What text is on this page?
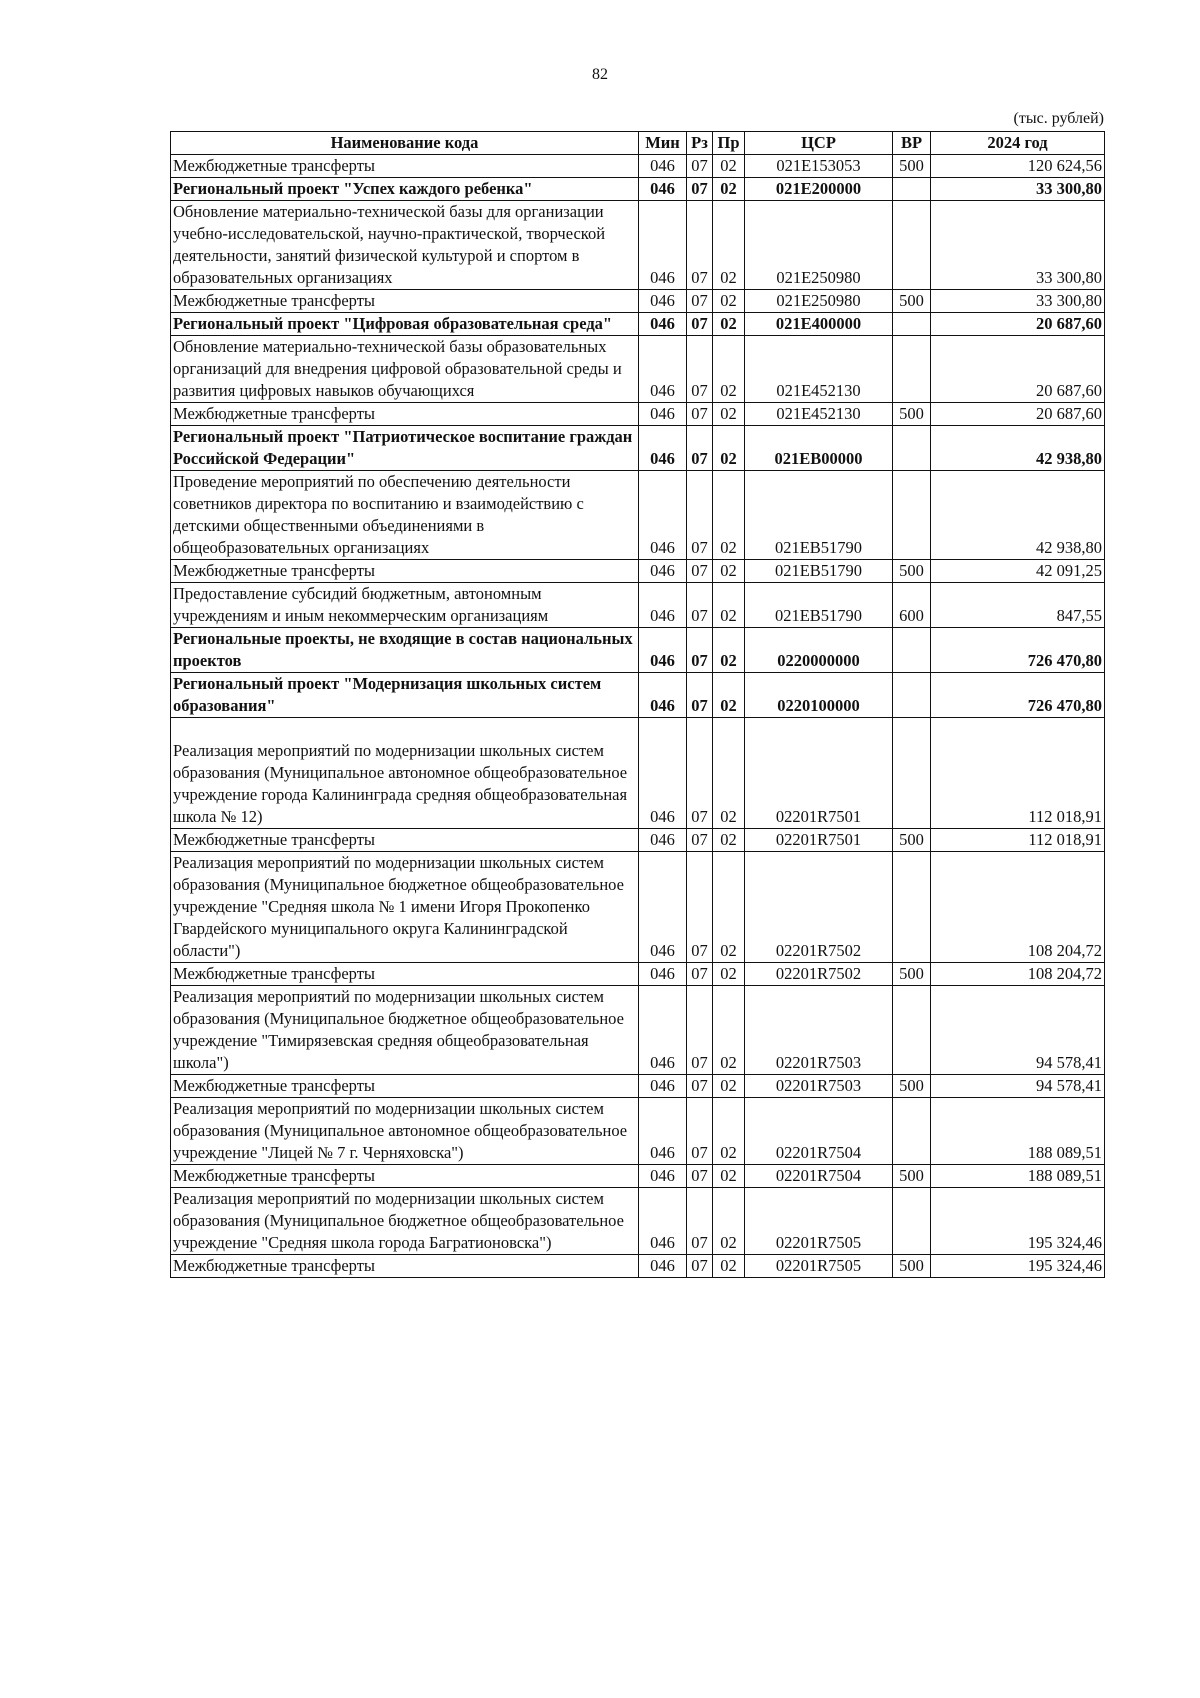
82
(тыс. рублей)
Наименование кода	Мин	Рз	Пр	ЦСР	ВР	2024 год
Межбюджетные трансферты	046	07	02	021E153053	500	120 624,56
Региональный проект "Успех каждого ребенка"	046	07	02	021E200000		33 300,80
Обновление материально-технической базы для организации учебно-исследовательской, научно-практической, творческой деятельности, занятий физической культурой и спортом в образовательных организациях	046	07	02	021E250980		33 300,80
Межбюджетные трансферты	046	07	02	021E250980	500	33 300,80
Региональный проект "Цифровая образовательная среда"	046	07	02	021E400000		20 687,60
Обновление материально-технической базы образовательных организаций для внедрения цифровой образовательной среды и развития цифровых навыков обучающихся	046	07	02	021E452130		20 687,60
Межбюджетные трансферты	046	07	02	021E452130	500	20 687,60
Региональный проект "Патриотическое воспитание граждан Российской Федерации"	046	07	02	021EB00000		42 938,80
Проведение мероприятий по обеспечению деятельности советников директора по воспитанию и взаимодействию с детскими общественными объединениями в общеобразовательных организациях	046	07	02	021EB51790		42 938,80
Межбюджетные трансферты	046	07	02	021EB51790	500	42 091,25
Предоставление субсидий бюджетным, автономным учреждениям и иным некоммерческим организациям	046	07	02	021EB51790	600	847,55
Региональные проекты, не входящие в состав национальных проектов	046	07	02	0220000000		726 470,80
Региональный проект "Модернизация школьных систем образования"	046	07	02	0220100000		726 470,80
Реализация мероприятий по модернизации школьных систем образования (Муниципальное автономное общеобразовательное учреждение города Калининграда средняя общеобразовательная школа № 12)	046	07	02	02201R7501		112 018,91
Межбюджетные трансферты	046	07	02	02201R7501	500	112 018,91
Реализация мероприятий по модернизации школьных систем образования (Муниципальное бюджетное общеобразовательное учреждение "Средняя школа № 1 имени Игоря Прокопенко Гвардейского муниципального округа Калининградской области")	046	07	02	02201R7502		108 204,72
Межбюджетные трансферты	046	07	02	02201R7502	500	108 204,72
Реализация мероприятий по модернизации школьных систем образования (Муниципальное бюджетное общеобразовательное учреждение "Тимирязевская средняя общеобразовательная школа")	046	07	02	02201R7503		94 578,41
Межбюджетные трансферты	046	07	02	02201R7503	500	94 578,41
Реализация мероприятий по модернизации школьных систем образования (Муниципальное автономное общеобразовательное учреждение "Лицей № 7 г. Черняховска")	046	07	02	02201R7504		188 089,51
Межбюджетные трансферты	046	07	02	02201R7504	500	188 089,51
Реализация мероприятий по модернизации школьных систем образования (Муниципальное бюджетное общеобразовательное учреждение "Средняя школа города Багратионовска")	046	07	02	02201R7505		195 324,46
Межбюджетные трансферты	046	07	02	02201R7505	500	195 324,46
